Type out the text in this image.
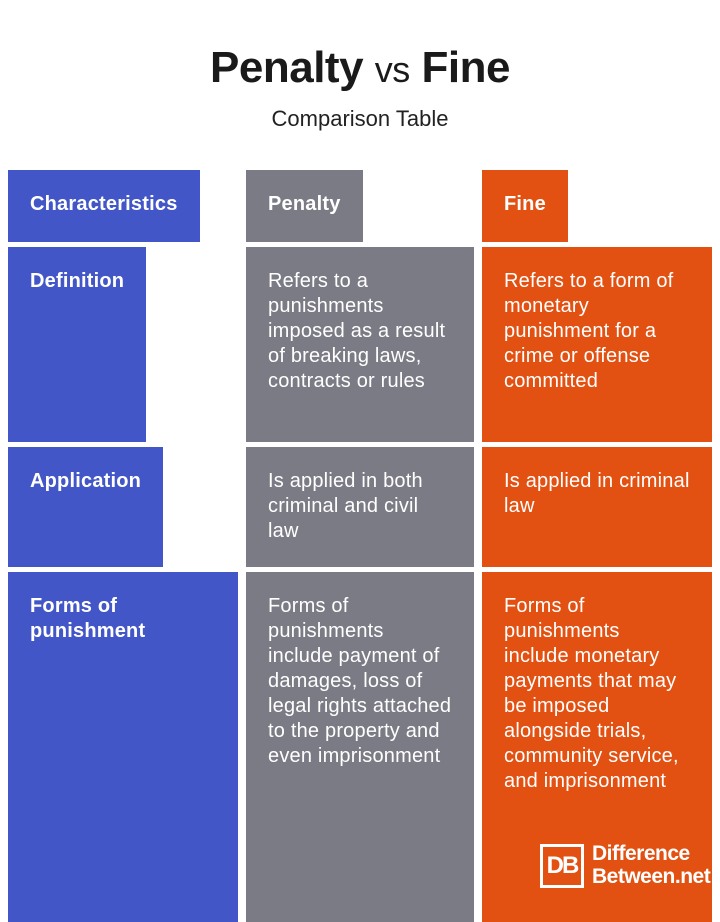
Penalty vs Fine
Comparison Table
Characteristics
Definition
Application
Forms of punishment
Penalty
Refers to a punishments imposed as a result of breaking laws, contracts or rules
Is applied in both criminal and civil law
Forms of punishments include payment of damages, loss of legal rights attached to the property and even imprisonment
Fine
Refers to a form of monetary punishment for a crime or offense committed
Is applied in criminal law
Forms of punishments include monetary payments that may be imposed alongside trials, community service, and imprisonment
DB Difference
Between.net
